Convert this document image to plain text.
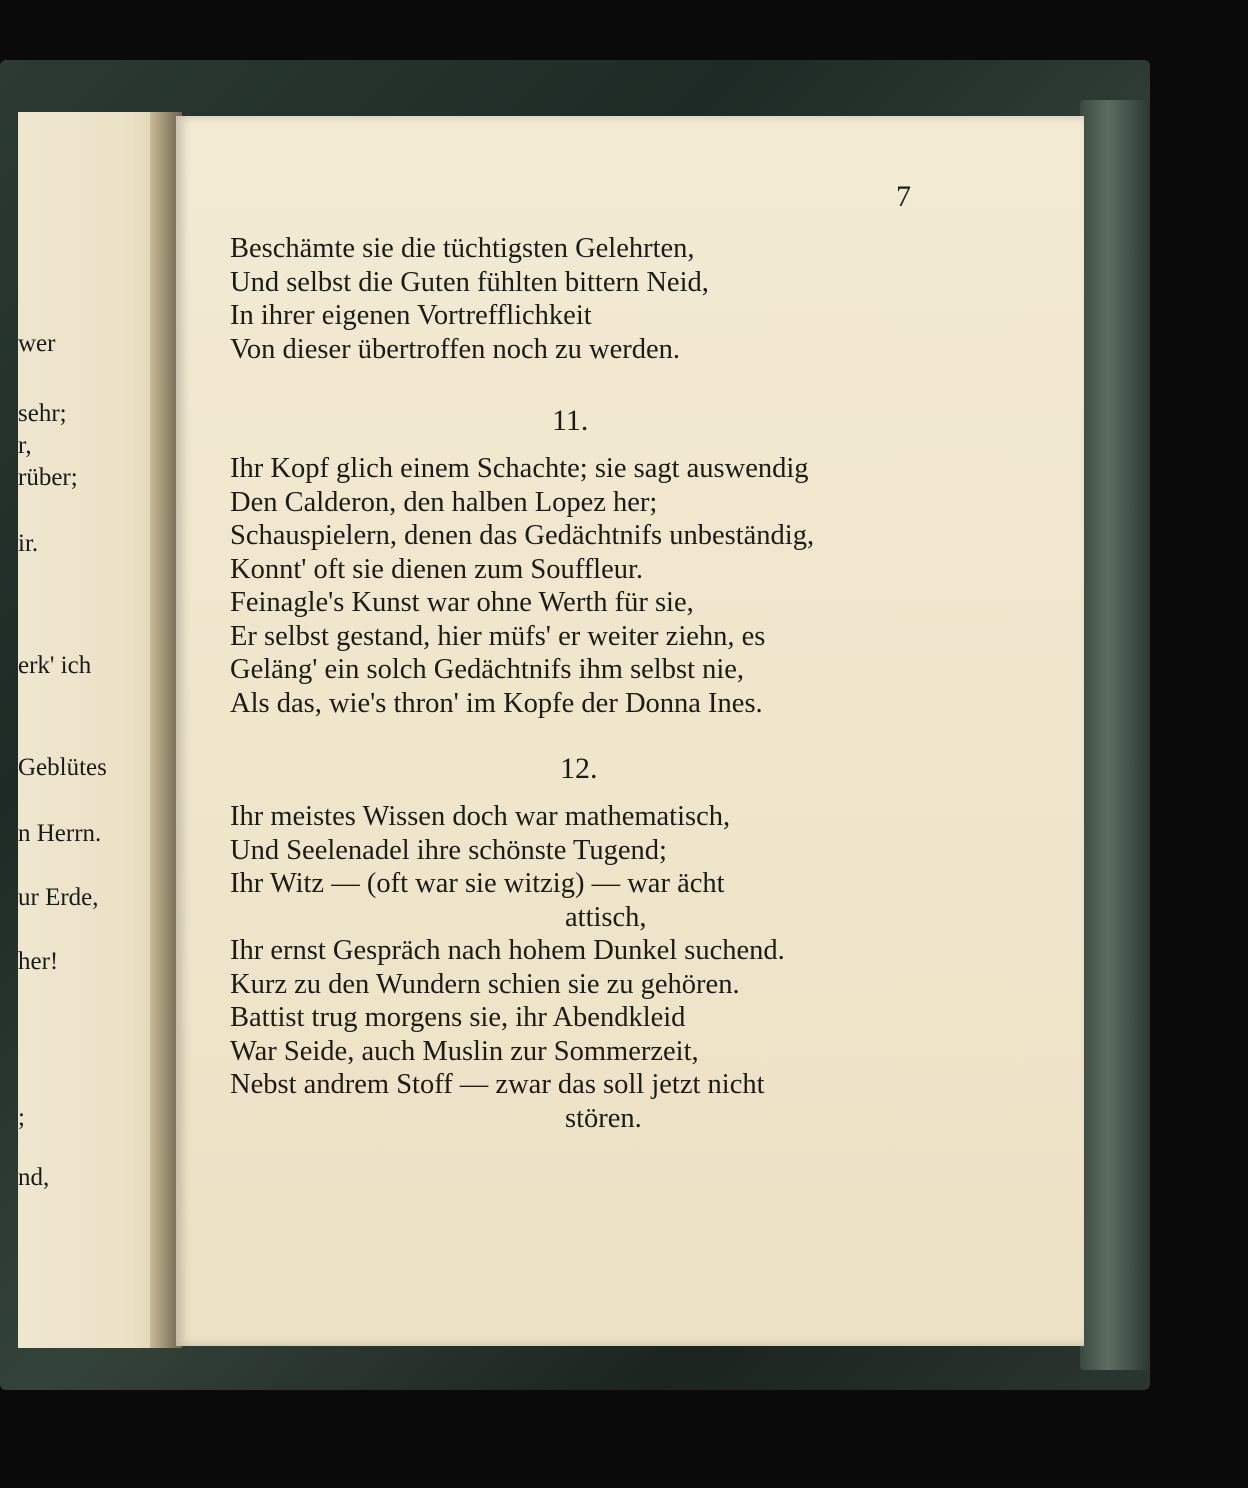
wer
sehr;
r,
rüber;
ir.
erk' ich
Geblütes
n Herrn.
ur Erde,
her!
;
nd,
7
Beschämte sie die tüchtigsten Gelehrten,
Und selbst die Guten fühlten bittern Neid,
In ihrer eigenen Vortrefflichkeit
Von dieser übertroffen noch zu werden.
11.
Ihr Kopf glich einem Schachte; sie sagt auswendig
Den Calderon, den halben Lopez her;
Schauspielern, denen das Gedächtnifs unbeständig,
Konnt' oft sie dienen zum Souffleur.
Feinagle's Kunst war ohne Werth für sie,
Er selbst gestand, hier müfs' er weiter ziehn, es
Geläng' ein solch Gedächtnifs ihm selbst nie,
Als das, wie's thron' im Kopfe der Donna Ines.
12.
Ihr meistes Wissen doch war mathematisch,
Und Seelenadel ihre schönste Tugend;
Ihr Witz — (oft war sie witzig) — war ächt
attisch,
Ihr ernst Gespräch nach hohem Dunkel suchend.
Kurz zu den Wundern schien sie zu gehören.
Battist trug morgens sie, ihr Abendkleid
War Seide, auch Muslin zur Sommerzeit,
Nebst andrem Stoff — zwar das soll jetzt nicht
stören.
